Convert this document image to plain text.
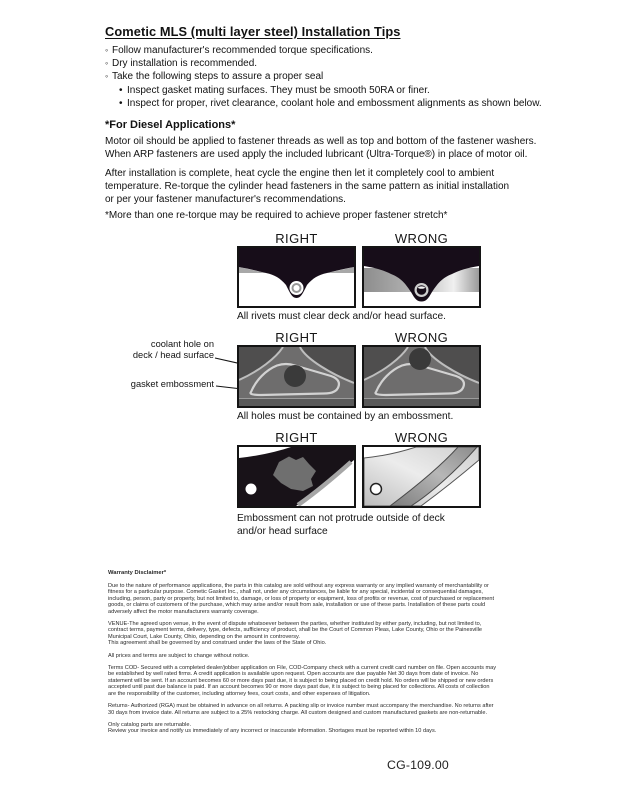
Cometic MLS (multi layer steel) Installation Tips
◦ Follow manufacturer's recommended torque specifications.
◦ Dry installation is recommended.
◦ Take the following steps to assure a proper seal
• Inspect gasket mating surfaces. They must be smooth 50RA or finer.
• Inspect for proper, rivet clearance, coolant hole and embossment alignments as shown below.
*For Diesel Applications*
Motor oil should be applied to fastener threads as well as top and bottom of the fastener washers.
When ARP fasteners are used apply the included lubricant (Ultra-Torque®) in place of motor oil.
After installation is complete, heat cycle the engine then let it completely cool to ambient
temperature. Re-torque the cylinder head fasteners in the same pattern as initial installation
or per your fastener manufacturer's recommendations.
*More than one re-torque may be required to achieve proper fastener stretch*
RIGHT	WRONG
All rivets must clear deck and/or head surface.
RIGHT	WRONG
coolant hole on
deck / head surface
gasket embossment
All holes must be contained by an embossment.
RIGHT	WRONG
Embossment can not protrude outside of deck
and/or head surface
Warranty Disclaimer*

Due to the nature of performance applications, the parts in this catalog are sold without any express warranty or any implied warranty of merchantability or
fitness for a particular purpose. Cometic Gasket Inc., shall not, under any circumstances, be liable for any special, incidental or consequential damages,
including, person, party or property, but not limited to, damage, or loss of property or equipment, loss of profits or revenue, cost of purchased or replacement
goods, or claims of customers of the purchase, which may arise and/or result from sale, installation or use of these parts. Installation of these parts could
adversely affect the motor manufacturers warranty coverage.

VENUE-The agreed upon venue, in the event of dispute whatsoever between the parties, whether instituted by either party, including, but not limited to,
contract terms, payment terms, delivery, type, defects, sufficiency of product, shall be the Court of Common Pleas, Lake County, Ohio or the Painesville
Municipal Court, Lake County, Ohio, depending on the amount in controversy.
This agreement shall be governed by and construed under the laws of the State of Ohio.

All prices and terms are subject to change without notice.

Terms COD- Secured with a completed dealer/jobber application on File, COD-Company check with a current credit card number on file. Open accounts may
be established by well rated firms. A credit application is available upon request. Open accounts are due payable Net 30 days from date of invoice. No
statement will be sent. If an account becomes 60 or more days past due, it is subject to being placed on credit hold. No orders will be shipped or new orders
accepted until past due balance is paid. If an account becomes 90 or more days past due, it is subject to being placed for collections. All costs of collection
are the responsibility of the customer, including attorney fees, court costs, and other expenses of litigation.

Returns- Authorized (RGA) must be obtained in advance on all returns. A packing slip or invoice number must accompany the merchandise. No returns after
30 days from invoice date. All returns are subject to a 25% restocking charge. All custom designed and custom manufactured gaskets are non-returnable.

Only catalog parts are returnable.
Review your invoice and notify us immediately of any incorrect or inaccurate information. Shortages must be reported within 10 days.

CG-109.00
